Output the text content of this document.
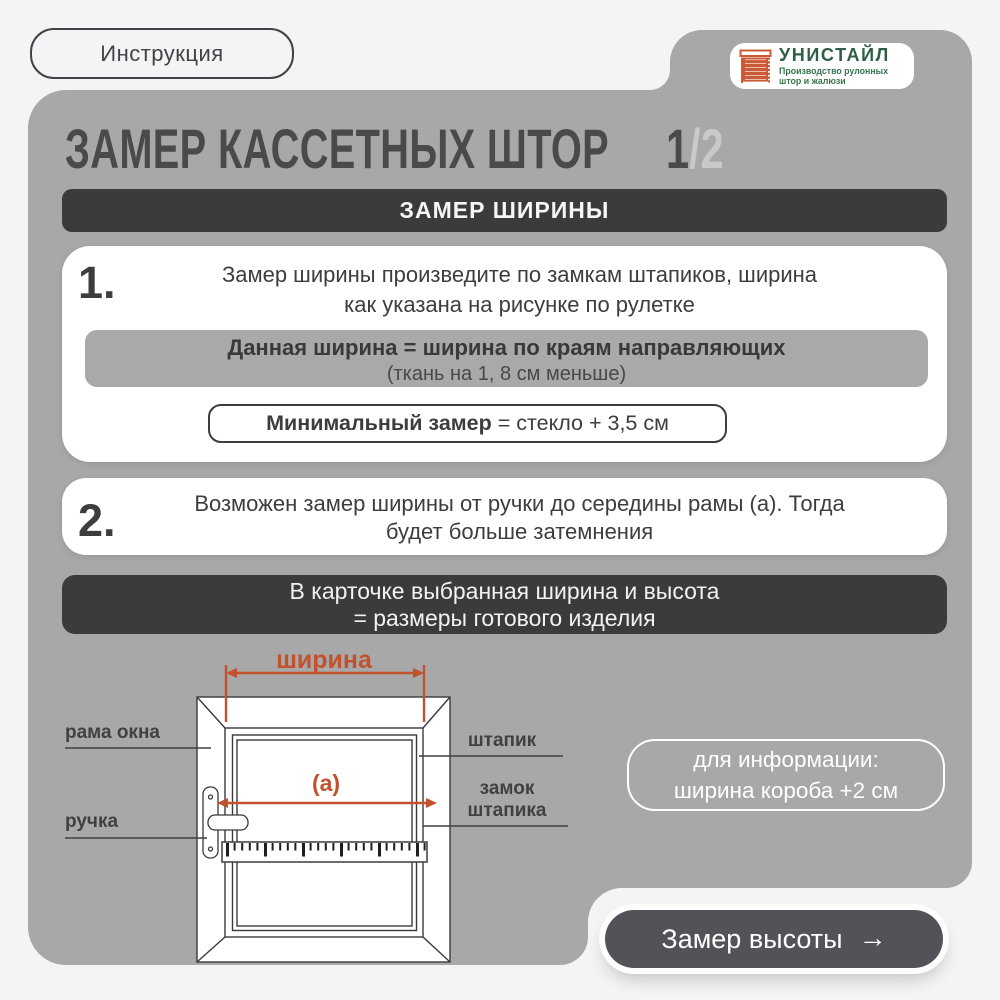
Инструкция	УНИСТАЙЛ
Производство рулонных
штор и жалюзи
ЗАМЕР КАССЕТНЫХ ШТОР 1/2
ЗАМЕР ШИРИНЫ
1.	Замер ширины произведите по замкам штапиков, ширина
как указана на рисунке по рулетке
Данная ширина = ширина по краям направляющих
(ткань на 1, 8 см меньше)
Минимальный замер = стекло + 3,5 см
2.	Возможен замер ширины от ручки до середины рамы (а). Тогда
будет больше затемнения
В карточке выбранная ширина и высота
= размеры готового изделия
ширина
(а)
рама окна
ручка
штапик
замок
штапика
для информации:
ширина короба +2 см
Замер высоты →
